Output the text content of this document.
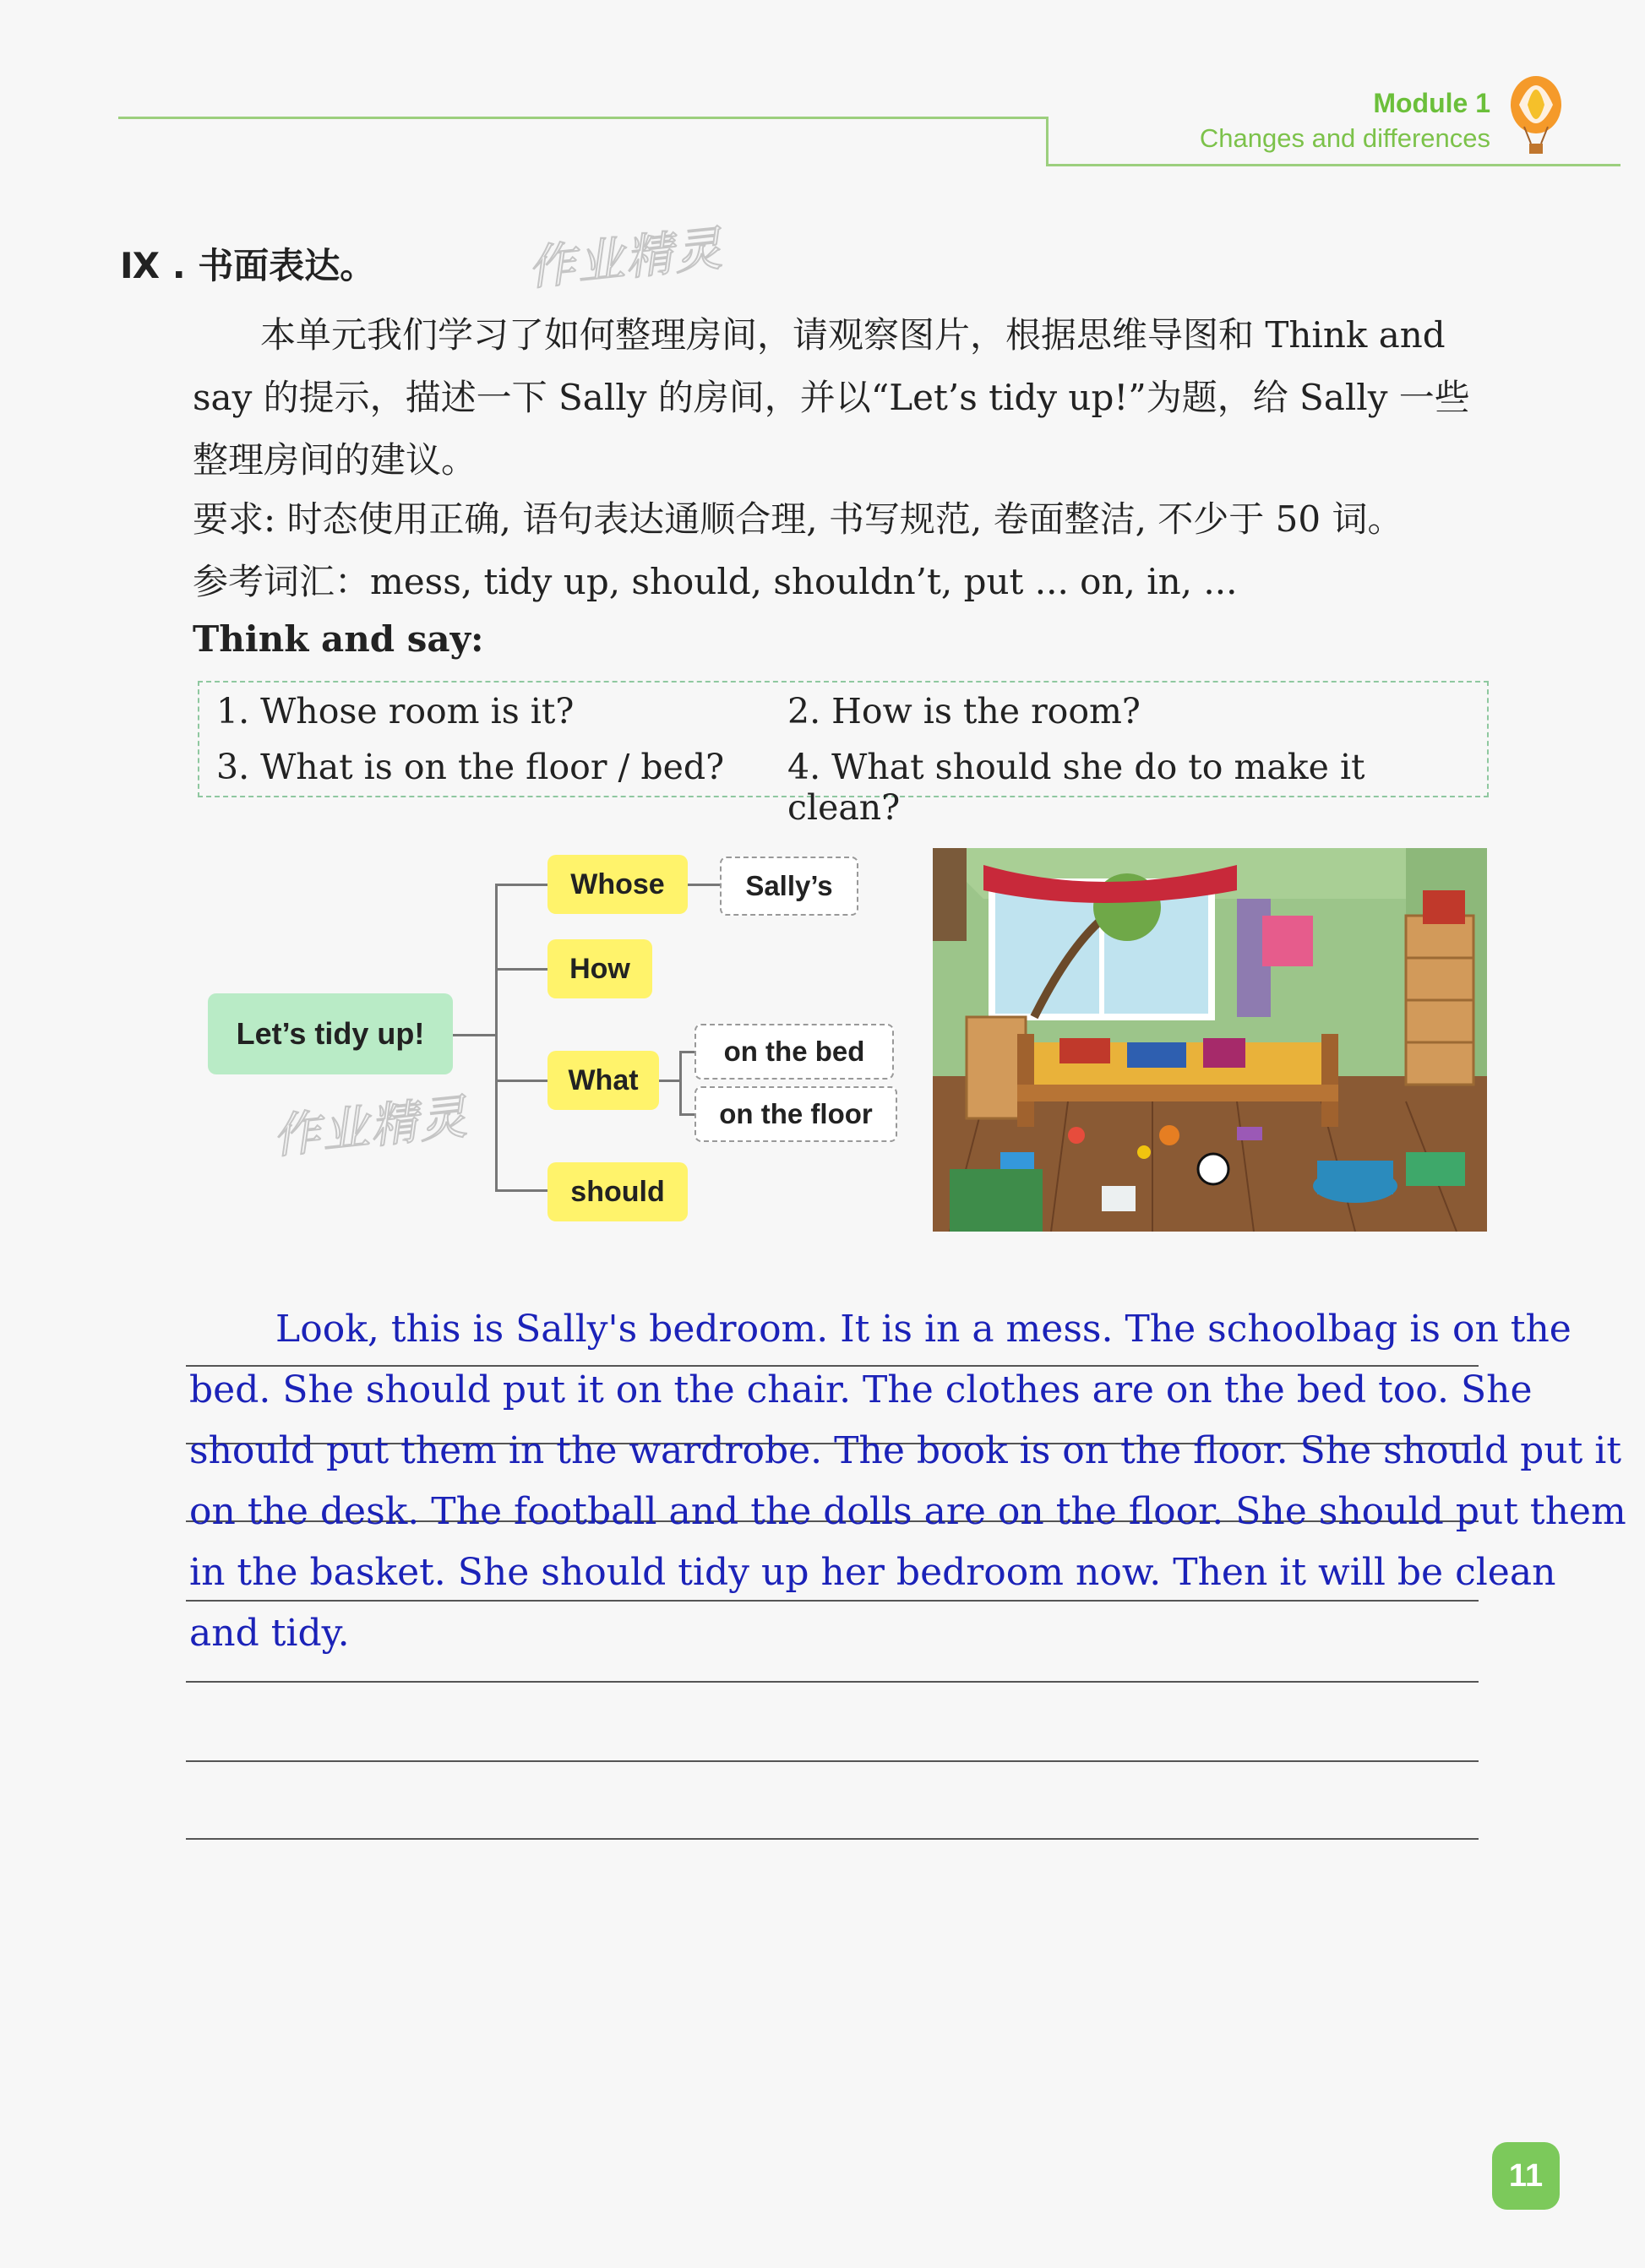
Module 1
Changes and differences
Ⅸ . 书面表达。	作业精灵
本单元我们学习了如何整理房间，请观察图片，根据思维导图和 Think and say 的提示，描述一下 Sally 的房间，并以“Let’s tidy up!”为题，给 Sally 一些整理房间的建议。
要求: 时态使用正确, 语句表达通顺合理, 书写规范, 卷面整洁, 不少于 50 词。
参考词汇：mess, tidy up, should, shouldn’t, put ... on, in, ...
Think and say:
1. Whose room is it?	2. How is the room?
3. What is on the floor / bed? 4. What should she do to make it clean?
Let’s tidy up!
Whose
How
What
should
Sally’s
on the bed
on the floor
作业精灵
Look, this is Sally's bedroom. It is in a mess. The schoolbag is on the
bed. She should put it on the chair. The clothes are on the bed too. She
should put them in the wardrobe. The book is on the floor. She should put it
on the desk. The football and the dolls are on the floor. She should put them
in the basket. She should tidy up her bedroom now. Then it will be clean
and tidy.
11
